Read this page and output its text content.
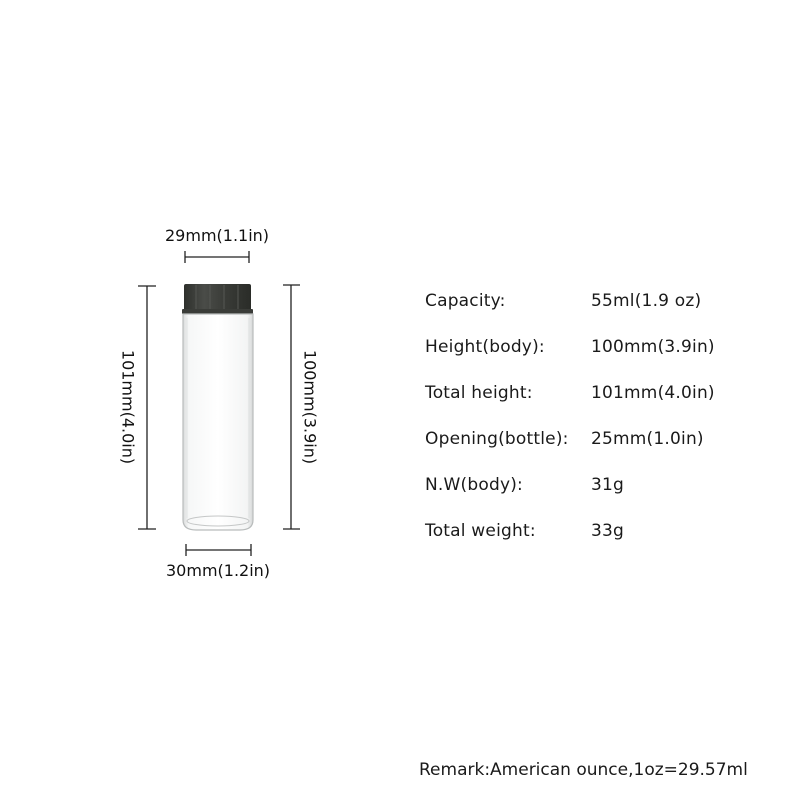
29mm(1.1in)
30mm(1.2in)
101mm(4.0in)	100mm(3.9in)
Capacity:	55ml(1.9 oz)
Height(body):	100mm(3.9in)
Total height:	101mm(4.0in)
Opening(bottle): 25mm(1.0in)
N.W(body):	31g
Total weight:	33g
Remark:American ounce,1oz=29.57ml
